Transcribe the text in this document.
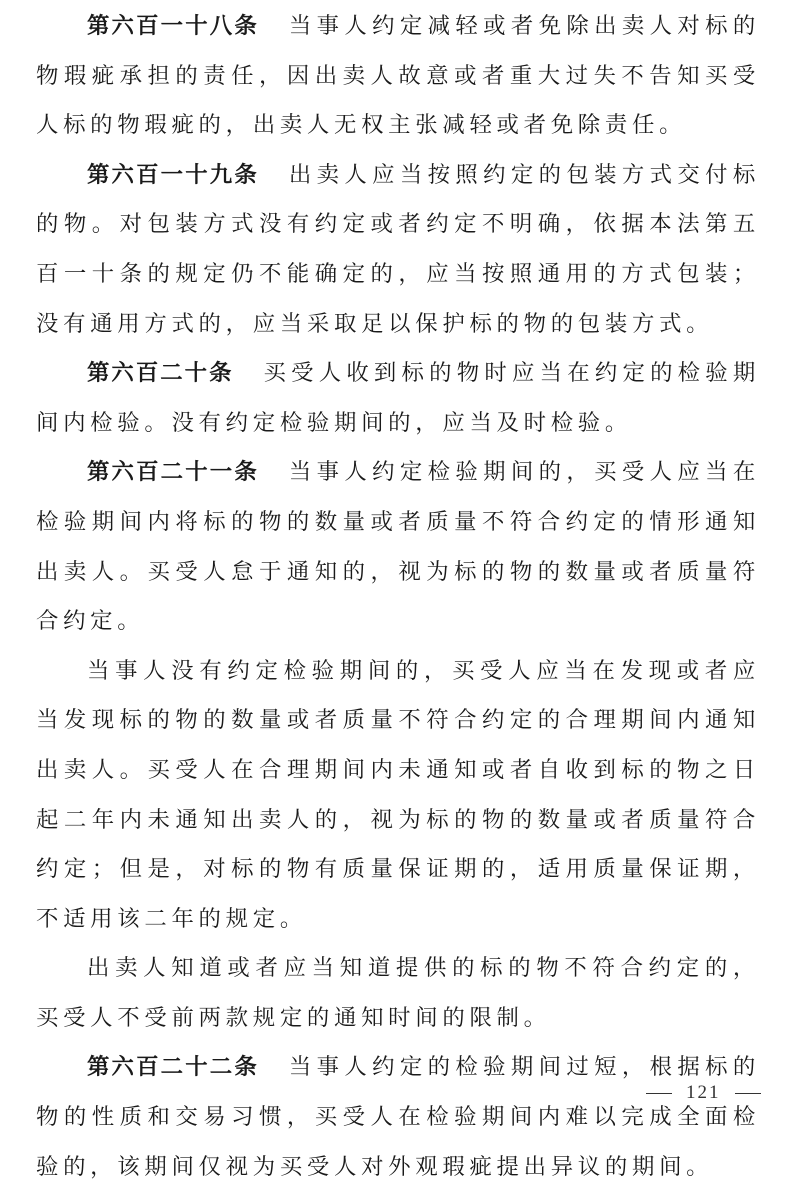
第六百一十八条 当事人约定减轻或者免除出卖人对标的物瑕疵承担的责任，因出卖人故意或者重大过失不告知买受人标的物瑕疵的，出卖人无权主张减轻或者免除责任。

第六百一十九条 出卖人应当按照约定的包装方式交付标的物。对包装方式没有约定或者约定不明确，依据本法第五百一十条的规定仍不能确定的，应当按照通用的方式包装；没有通用方式的，应当采取足以保护标的物的包装方式。

第六百二十条 买受人收到标的物时应当在约定的检验期间内检验。没有约定检验期间的，应当及时检验。

第六百二十一条 当事人约定检验期间的，买受人应当在检验期间内将标的物的数量或者质量不符合约定的情形通知出卖人。买受人怠于通知的，视为标的物的数量或者质量符合约定。

当事人没有约定检验期间的，买受人应当在发现或者应当发现标的物的数量或者质量不符合约定的合理期间内通知出卖人。买受人在合理期间内未通知或者自收到标的物之日起二年内未通知出卖人的，视为标的物的数量或者质量符合约定；但是，对标的物有质量保证期的，适用质量保证期，不适用该二年的规定。

出卖人知道或者应当知道提供的标的物不符合约定的，买受人不受前两款规定的通知时间的限制。

第六百二十二条 当事人约定的检验期间过短，根据标的物的性质和交易习惯，买受人在检验期间内难以完成全面检验的，该期间仅视为买受人对外观瑕疵提出异议的期间。

121
